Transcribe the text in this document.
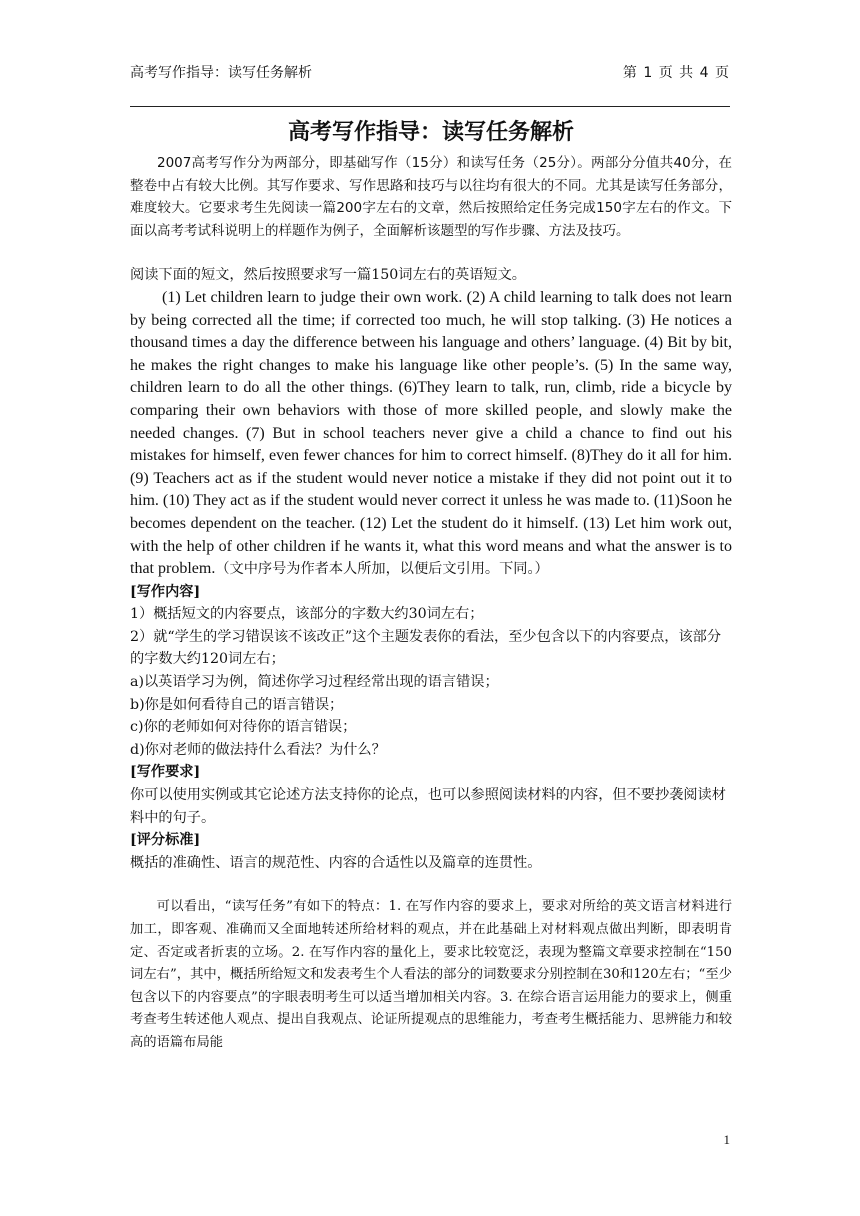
高考写作指导：读写任务解析	第 1 页 共 4 页
高考写作指导：读写任务解析

2007高考写作分为两部分，即基础写作（15分）和读写任务（25分）。两部分分值共40分，在整卷中占有较大比例。其写作要求、写作思路和技巧与以往均有很大的不同。尤其是读写任务部分，难度较大。它要求考生先阅读一篇200字左右的文章，然后按照给定任务完成150字左右的作文。下面以高考考试科说明上的样题作为例子，全面解析该题型的写作步骤、方法及技巧。

阅读下面的短文，然后按照要求写一篇150词左右的英语短文。

(1) Let children learn to judge their own work. (2) A child learning to talk does not learn by being corrected all the time; if corrected too much, he will stop talking. (3) He notices a thousand times a day the difference between his language and others’ language. (4) Bit by bit, he makes the right changes to make his language like other people’s. (5) In the same way, children learn to do all the other things. (6)They learn to talk, run, climb, ride a bicycle by comparing their own behaviors with those of more skilled people, and slowly make the needed changes. (7) But in school teachers never give a child a chance to find out his mistakes for himself, even fewer chances for him to correct himself. (8)They do it all for him. (9) Teachers act as if the student would never notice a mistake if they did not point out it to him. (10) They act as if the student would never correct it unless he was made to. (11)Soon he becomes dependent on the teacher. (12) Let the student do it himself. (13) Let him work out, with the help of other children if he wants it, what this word means and what the answer is to that problem.（文中序号为作者本人所加，以便后文引用。下同。）

[写作内容]

1）概括短文的内容要点，该部分的字数大约30词左右；
2）就“学生的学习错误该不该改正”这个主题发表你的看法，至少包含以下的内容要点，该部分的字数大约120词左右；
a)以英语学习为例，简述你学习过程经常出现的语言错误；
b)你是如何看待自己的语言错误；
c)你的老师如何对待你的语言错误；
d)你对老师的做法持什么看法？为什么？

[写作要求]

你可以使用实例或其它论述方法支持你的论点，也可以参照阅读材料的内容，但不要抄袭阅读材料中的句子。

[评分标准]

概括的准确性、语言的规范性、内容的合适性以及篇章的连贯性。

可以看出，“读写任务”有如下的特点：1. 在写作内容的要求上，要求对所给的英文语言材料进行加工，即客观、准确而又全面地转述所给材料的观点，并在此基础上对材料观点做出判断，即表明肯定、否定或者折衷的立场。2. 在写作内容的量化上，要求比较宽泛，表现为整篇文章要求控制在“150词左右”，其中，概括所给短文和发表考生个人看法的部分的词数要求分别控制在30和120左右；“至少包含以下的内容要点”的字眼表明考生可以适当增加相关内容。3. 在综合语言运用能力的要求上，侧重考查考生转述他人观点、提出自我观点、论证所提观点的思维能力，考查考生概括能力、思辨能力和较高的语篇布局能

1
